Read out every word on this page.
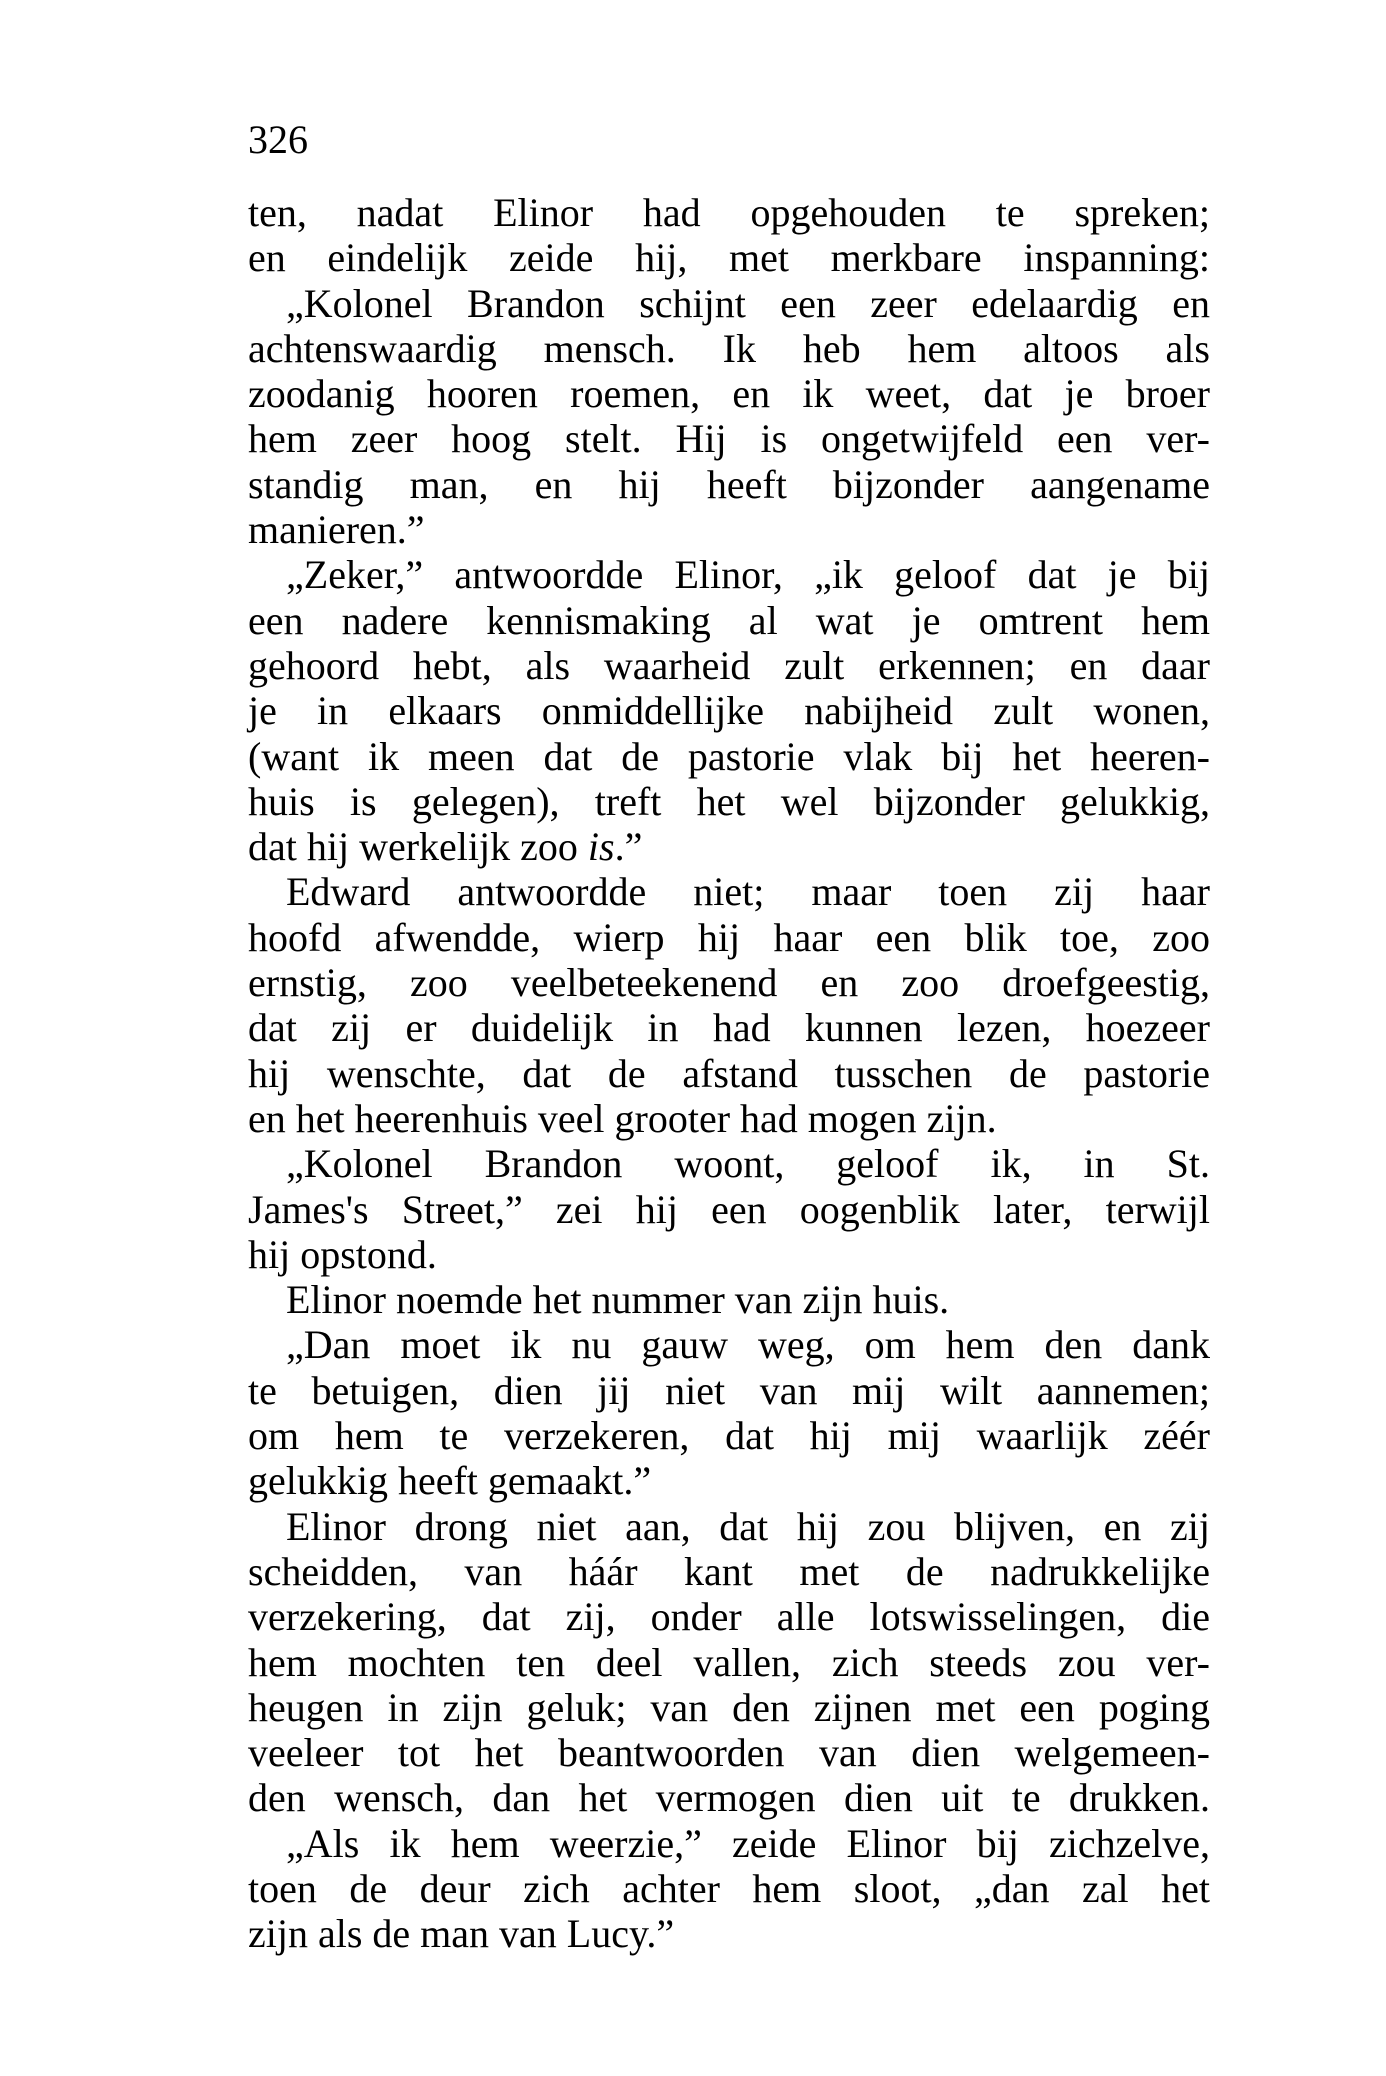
326
ten, nadat Elinor had opgehouden te spreken;
en eindelijk zeide hij, met merkbare inspanning:
„Kolonel Brandon schijnt een zeer edelaardig en
achtenswaardig mensch. Ik heb hem altoos als
zoodanig hooren roemen, en ik weet, dat je broer
hem zeer hoog stelt. Hij is ongetwijfeld een ver-
standig man, en hij heeft bijzonder aangename
manieren.”
„Zeker,” antwoordde Elinor, „ik geloof dat je bij
een nadere kennismaking al wat je omtrent hem
gehoord hebt, als waarheid zult erkennen; en daar
je in elkaars onmiddellijke nabijheid zult wonen,
(want ik meen dat de pastorie vlak bij het heeren-
huis is gelegen), treft het wel bijzonder gelukkig,
dat hij werkelijk zoo is.”
Edward antwoordde niet; maar toen zij haar
hoofd afwendde, wierp hij haar een blik toe, zoo
ernstig, zoo veelbeteekenend en zoo droefgeestig,
dat zij er duidelijk in had kunnen lezen, hoezeer
hij wenschte, dat de afstand tusschen de pastorie
en het heerenhuis veel grooter had mogen zijn.
„Kolonel Brandon woont, geloof ik, in St.
James's Street,” zei hij een oogenblik later, terwijl
hij opstond.
Elinor noemde het nummer van zijn huis.
„Dan moet ik nu gauw weg, om hem den dank
te betuigen, dien jij niet van mij wilt aannemen;
om hem te verzekeren, dat hij mij waarlijk zéér
gelukkig heeft gemaakt.”
Elinor drong niet aan, dat hij zou blijven, en zij
scheidden, van háár kant met de nadrukkelijke
verzekering, dat zij, onder alle lotswisselingen, die
hem mochten ten deel vallen, zich steeds zou ver-
heugen in zijn geluk; van den zijnen met een poging
veeleer tot het beantwoorden van dien welgemeen-
den wensch, dan het vermogen dien uit te drukken.
„Als ik hem weerzie,” zeide Elinor bij zichzelve,
toen de deur zich achter hem sloot, „dan zal het
zijn als de man van Lucy.”
